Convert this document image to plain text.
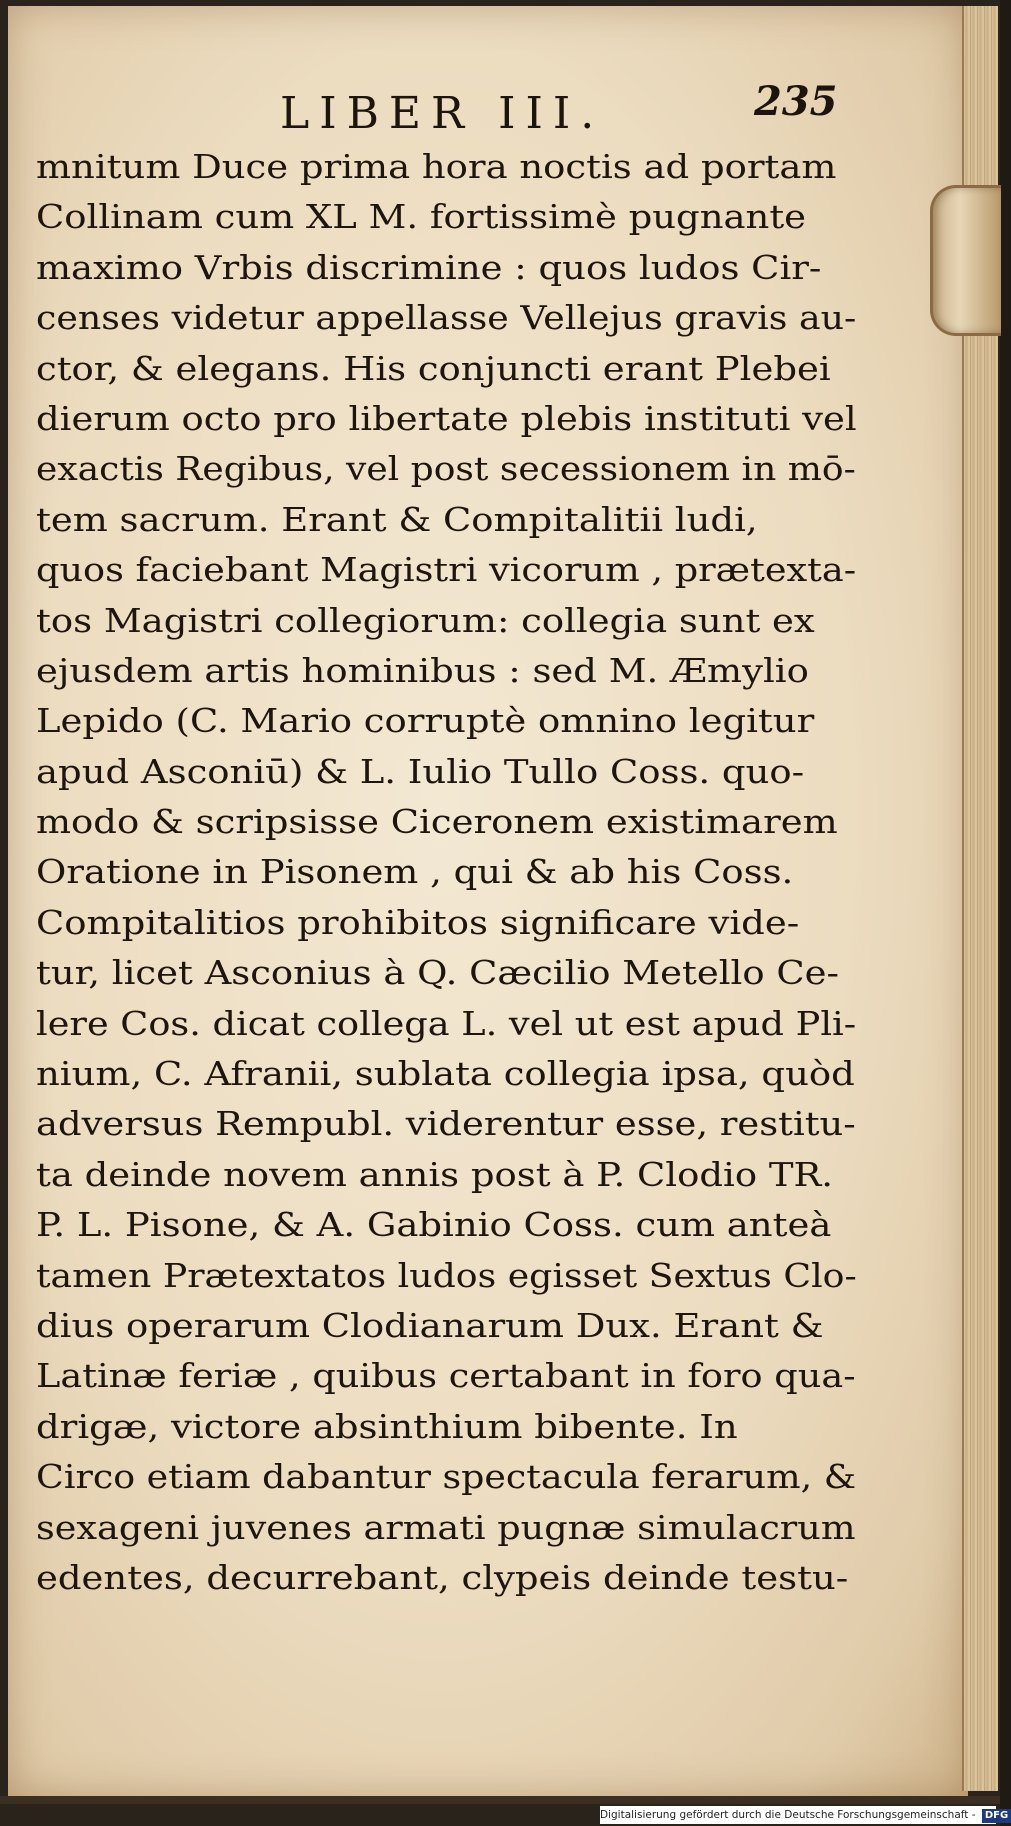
LIBER III.	235
mnitum Duce prima hora noctis ad portam
Collinam cum XL M. fortissimè pugnante
maximo Vrbis discrimine : quos ludos Cir-
censes videtur appellasse Vellejus gravis au-
ctor, & elegans. His conjuncti erant Plebei
dierum octo pro libertate plebis instituti vel
exactis Regibus, vel post secessionem in mō-
tem sacrum. Erant & Compitalitii ludi,
quos faciebant Magistri vicorum , prætexta-
tos Magistri collegiorum: collegia sunt ex
ejusdem artis hominibus : sed M. Æmylio
Lepido (C. Mario corruptè omnino legitur
apud Asconiū) & L. Iulio Tullo Coss. quo-
modo & scripsisse Ciceronem existimarem
Oratione in Pisonem , qui & ab his Coss.
Compitalitios prohibitos significare vide-
tur, licet Asconius à Q. Cæcilio Metello Ce-
lere Cos. dicat collega L. vel ut est apud Pli-
nium, C. Afranii, sublata collegia ipsa, quòd
adversus Rempubl. viderentur esse, restitu-
ta deinde novem annis post à P. Clodio TR.
P. L. Pisone, & A. Gabinio Coss. cum anteà
tamen Prætextatos ludos egisset Sextus Clo-
dius operarum Clodianarum Dux. Erant &
Latinæ feriæ , quibus certabant in foro qua-
drigæ, victore absinthium bibente. In
Circo etiam dabantur spectacula ferarum, &
sexageni juvenes armati pugnæ simulacrum
edentes, decurrebant, clypeis deinde testu-
Digitalisierung gefördert durch die Deutsche Forschungsgemeinschaft - DFG
